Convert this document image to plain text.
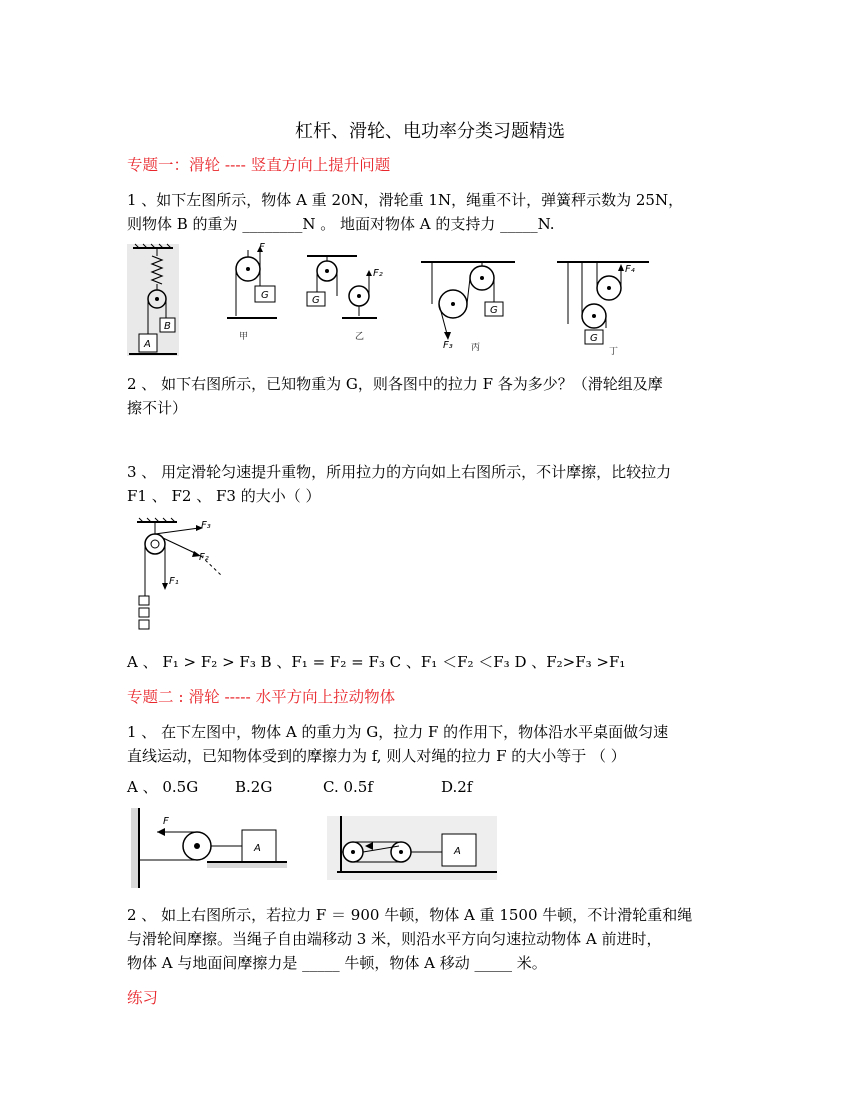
杠杆、滑轮、电功率分类习题精选
专题一：滑轮 ---- 竖直方向上提升问题
1 、如下左图所示，物体 A 重 20N，滑轮重 1N，绳重不计，弹簧秤示数为 25N，
则物体 B 的重为 ________N 。 地面对物体 A 的支持力 _____N.
A
B
F
G
甲
G
F₂
乙
G
F₃ 丙
F₄
G
丁
2 、 如下右图所示，已知物重为 G，则各图中的拉力 F 各为多少？（滑轮组及摩
擦不计）
3 、 用定滑轮匀速提升重物，所用拉力的方向如上右图所示，不计摩擦，比较拉力
F1 、 F2 、 F3 的大小（ ）
F₃
F₂
F₁
A 、 F₁ > F₂ > F₃ B 、F₁ = F₂ = F₃ C 、F₁ ＜F₂ ＜F₃ D 、F₂>F₃ >F₁
专题二 : 滑轮 ----- 水平方向上拉动物体
1 、 在下左图中，物体 A 的重力为 G，拉力 F 的作用下，物体沿水平桌面做匀速
直线运动，已知物体受到的摩擦力为 f, 则人对绳的拉力 F 的大小等于 （ ）
A 、 0.5G B.2G	C. 0.5f	D.2f
F
A	A
2 、 如上右图所示，若拉力 F ＝ 900 牛顿，物体 A 重 1500 牛顿，不计滑轮重和绳
与滑轮间摩擦。当绳子自由端移动 3 米，则沿水平方向匀速拉动物体 A 前进时，
物体 A 与地面间摩擦力是 _____ 牛顿，物体 A 移动 _____ 米。
练习
